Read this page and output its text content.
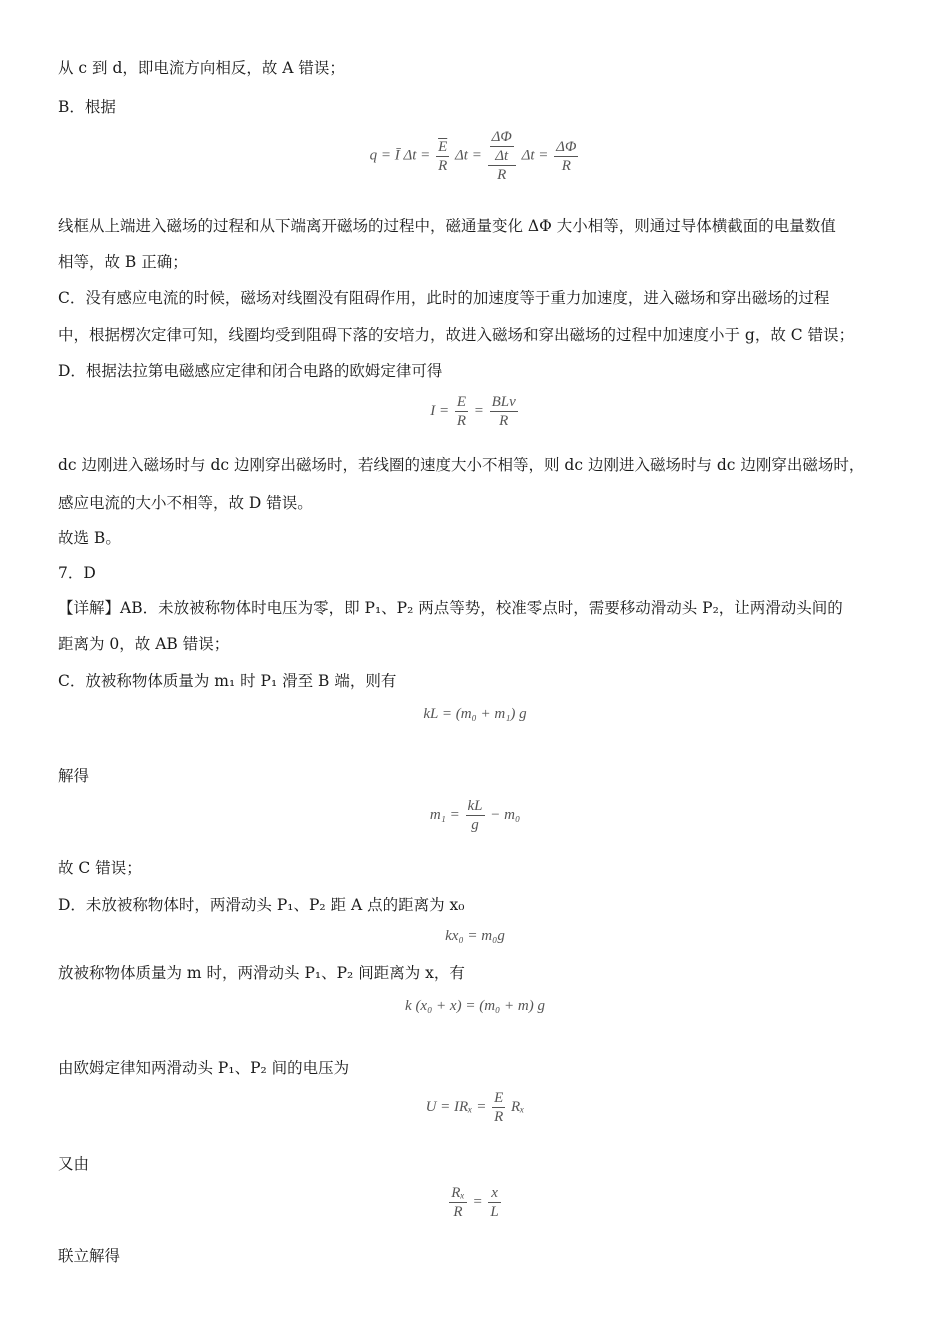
从 c 到 d，即电流方向相反，故 A 错误；
B．根据
q = Ī $\Delta t = \frac{\overline{E}}{R}$ $\Delta t = \frac{\frac{\Delta\Phi}{\Delta t}}{R}$ $\Delta t = \frac{\Delta\Phi}{R}$
线框从上端进入磁场的过程和从下端离开磁场的过程中，磁通量变化 ΔΦ 大小相等，则通过导体横截面的电量数值
相等，故 B 正确；
C．没有感应电流的时候，磁场对线圈没有阻碍作用，此时的加速度等于重力加速度，进入磁场和穿出磁场的过程
中，根据楞次定律可知，线圈均受到阻碍下落的安培力，故进入磁场和穿出磁场的过程中加速度小于 g，故 C 错误；
D．根据法拉第电磁感应定律和闭合电路的欧姆定律可得
$I = \frac{E}{R}$ =
BLv
R
dc 边刚进入磁场时与 dc 边刚穿出磁场时，若线圈的速度大小不相等，则 dc 边刚进入磁场时与 dc 边刚穿出磁场时，
感应电流的大小不相等，故 D 错误。
故选 B。
7．D
【详解】AB．未放被称物体时电压为零，即 P₁、P₂ 两点等势，校准零点时，需要移动滑动头 P₂，让两滑动头间的
距离为 0，故 AB 错误；
C．放被称物体质量为 m₁ 时 P₁ 滑至 B 端，则有
kL = (m₀ + m₁) g
解得
$m_1 = \frac{kL}{g} - m_0$
故 C 错误；
D．未放被称物体时，两滑动头 P₁、P₂ 距 A 点的距离为 x₀
kx₀ = m₀g
放被称物体质量为 m 时，两滑动头 P₁、P₂ 间距离为 x，有
k (x₀ + x) = (m₀ + m) g
由欧姆定律知两滑动头 P₁、P₂ 间的电压为
$U = IR_x = \frac{E}{R}$ Rₓ
又由
$\frac{\text{Rₓ}}{R} = \frac{x}{L}$
联立解得
